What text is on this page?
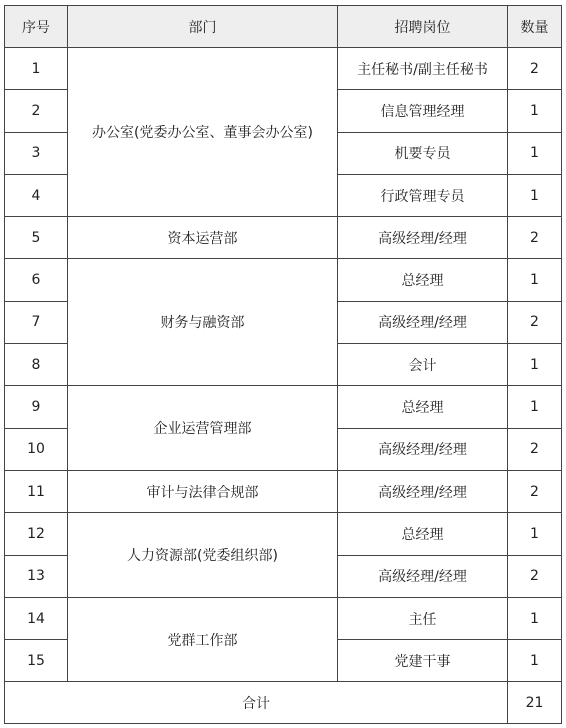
序号	部门	招聘岗位	数量
1	办公室(党委办公室、董事会办公室)	主任秘书/副主任秘书	2
2		信息管理经理	1
3		机要专员	1
4		行政管理专员	1
5	资本运营部	高级经理/经理	2
6	财务与融资部	总经理	1
7		高级经理/经理	2
8		会计	1
9	企业运营管理部	总经理	1
10		高级经理/经理	2
11	审计与法律合规部	高级经理/经理	2
12	人力资源部(党委组织部)	总经理	1
13		高级经理/经理	2
14	党群工作部	主任	1
15		党建干事	1
合计			21
